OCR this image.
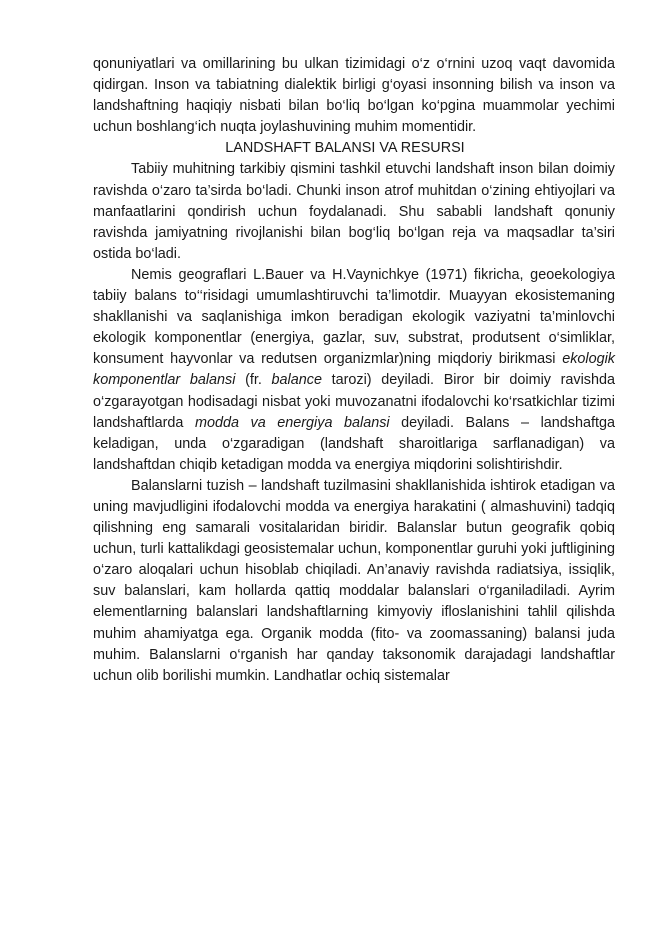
qonuniyatlari va omillarining bu ulkan tizimidagi o‘z o‘rnini uzoq vaqt davomida qidirgan. Inson va tabiatning dialektik birligi g‘oyasi insonning bilish va inson va landshaftning haqiqiy nisbati bilan bo‘liq bo‘lgan ko‘pgina muammolar yechimi uchun boshlang‘ich nuqta joylashuvining muhim momentidir.

LANDSHAFT BALANSI VA RESURSI

Tabiiy muhitning tarkibiy qismini tashkil etuvchi landshaft inson bilan doimiy ravishda o‘zaro ta’sirda bo‘ladi. Chunki inson atrof muhitdan o‘zining ehtiyojlari va manfaatlarini qondirish uchun foydalanadi. Shu sababli landshaft qonuniy ravishda jamiyatning rivojlanishi bilan bog‘liq bo‘lgan reja va maqsadlar ta’siri ostida bo‘ladi.

Nemis geograflari L.Bauer va H.Vaynichkye (1971) fikricha, geoekologiya tabiiy balans to‘‘risidagi umumlashtiruvchi ta’limotdir. Muayyan ekosistemaning shakllanishi va saqlanishiga imkon beradigan ekologik vaziyatni ta’minlovchi ekologik komponentlar (energiya, gazlar, suv, substrat, produtsent o‘simliklar, konsument hayvonlar va redutsen organizmlar)ning miqdoriy birikmasi ekologik komponentlar balansi (fr. balance tarozi) deyiladi. Biror bir doimiy ravishda o‘zgarayotgan hodisadagi nisbat yoki muvozanatni ifodalovchi ko‘rsatkichlar tizimi landshaftlarda modda va energiya balansi deyiladi. Balans – landshaftga keladigan, unda o‘zgaradigan (landshaft sharoitlariga sarflanadigan) va landshaftdan chiqib ketadigan modda va energiya miqdorini solishtirishdir.

Balanslarni tuzish – landshaft tuzilmasini shakllanishida ishtirok etadigan va uning mavjudligini ifodalovchi modda va energiya harakatini ( almashuvini) tadqiq qilishning eng samarali vositalaridan biridir. Balanslar butun geografik qobiq uchun, turli kattalikdagi geosistemalar uchun, komponentlar guruhi yoki juftligining o‘zaro aloqalari uchun hisoblab chiqiladi. An’anaviy ravishda radiatsiya, issiqlik, suv balanslari, kam hollarda qattiq moddalar balanslari o‘rganiladiladi. Ayrim elementlarning balanslari landshaftlarning kimyoviy ifloslanishini tahlil qilishda muhim ahamiyatga ega. Organik modda (fito- va zoomassaning) balansi juda muhim. Balanslarni o‘rganish har qanday taksonomik darajadagi landshaftlar uchun olib borilishi mumkin. Landhatlar ochiq sistemalar
